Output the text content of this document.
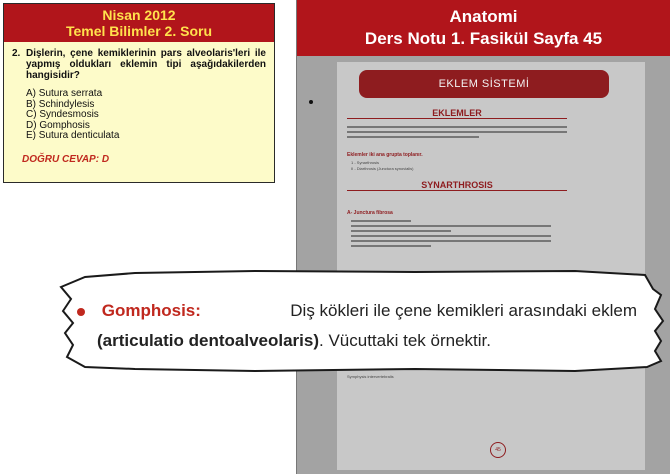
Nisan 2012
Temel Bilimler 2. Soru
2. Dişlerin, çene kemiklerinin pars alveolaris'leri ile yapmış oldukları eklemin tipi aşağıdakilerden hangisidir?
A) Sutura serrata
B) Schindylesis
C) Syndesmosis
D) Gomphosis
E) Sutura denticulata
DOĞRU CEVAP: D
Anatomi
Ders Notu 1. Fasikül Sayfa 45
EKLEM SİSTEMİ
EKLEMLER
Eklemler iki ana grupta toplanır.
1 - Synarthrosis
II - Diarthrosis (Junctura synovialis)
SYNARTHROSIS
A- Junctura fibrosa
Symphysis intervertebralis
45
Gomphosis:	Diş kökleri ile çene kemikleri arasındaki eklem
(articulatio dentoalveolaris). Vücuttaki tek örnektir.
